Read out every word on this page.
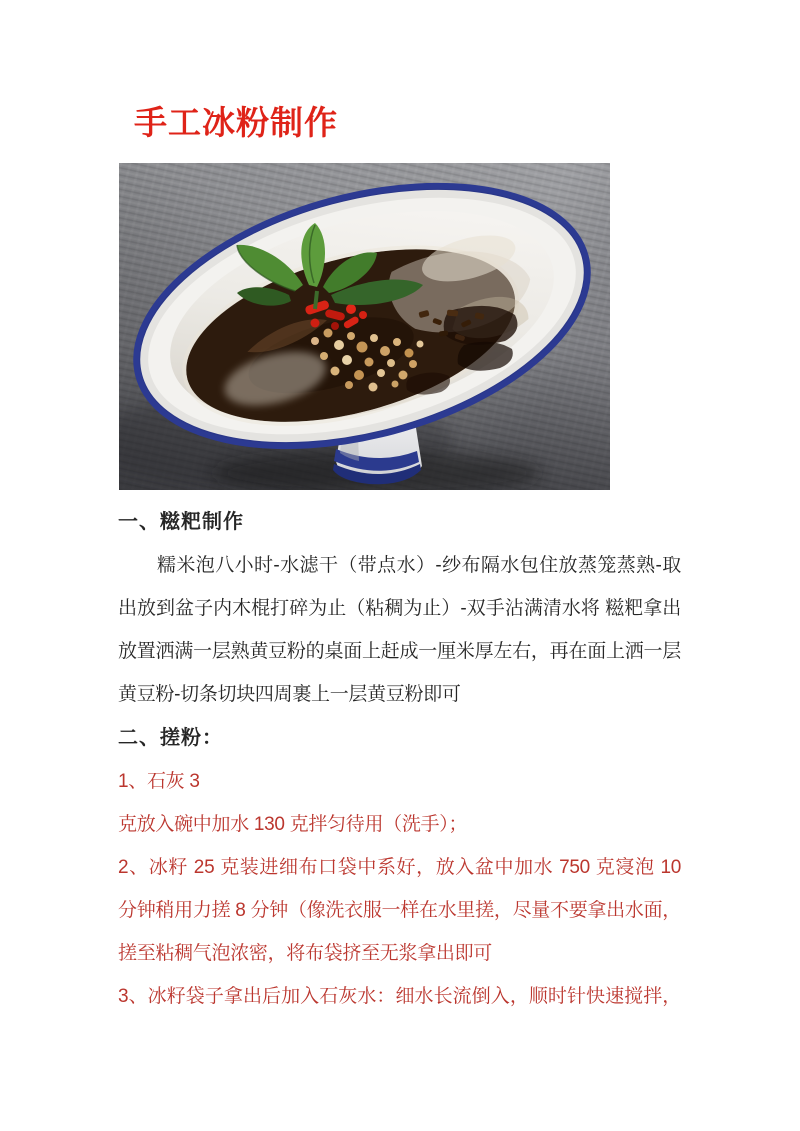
手工冰粉制作
一、糍粑制作

糯米泡八小时-水滤干（带点水）-纱布隔水包住放蒸笼蒸熟-取

出放到盆子内木棍打碎为止（粘稠为止）-双手沾满清水将 糍粑拿出

放置洒满一层熟黄豆粉的桌面上赶成一厘米厚左右，再在面上洒一层

黄豆粉-切条切块四周裹上一层黄豆粉即可

二、搓粉：

1、石灰 3

克放入碗中加水 130 克拌匀待用（洗手）；

2、冰籽 25 克装进细布口袋中系好，放入盆中加水 750 克寖泡 10

分钟稍用力搓 8 分钟（像洗衣服一样在水里搓，尽量不要拿出水面，

搓至粘稠气泡浓密，将布袋挤至无浆拿出即可

3、冰籽袋子拿出后加入石灰水：细水长流倒入，顺时针快速搅拌，
